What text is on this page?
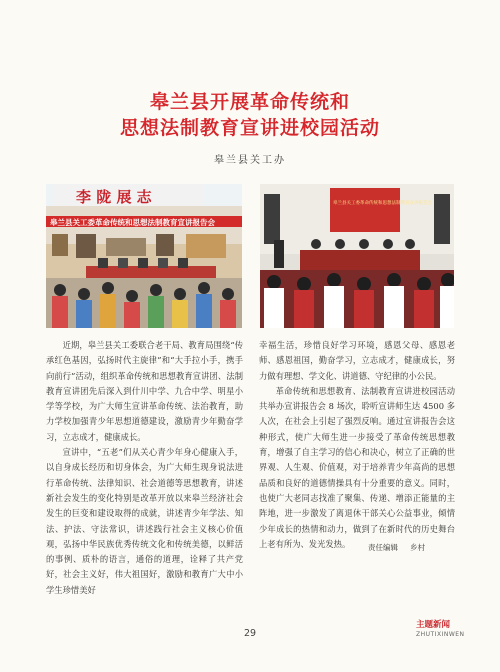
皋兰县开展革命传统和
思想法制教育宣讲进校园活动
皋兰县关工办
李 陇 展 志
皋兰县关工委革命传统和思想法制教育宣讲报告会
皋兰县关工委革命传统和思想法制教育宣讲报告会

近期，皋兰县关工委联合老干局、教育局围绕“传承红色基因，弘扬时代主旋律”和“大手拉小手，携手向前行”活动，组织革命传统和思想教育宣讲团、法制教育宣讲团先后深入到什川中学、九合中学、明星小学等学校，为广大师生宣讲革命传统、法治教育，助力学校加强青少年思想道德建设，激励青少年勤奋学习，立志成才，健康成长。

宣讲中，“五老”们从关心青少年身心健康入手，以自身成长经历和切身体会，为广大师生现身说法进行革命传统、法律知识、社会道德等思想教育，讲述新社会发生的变化特别是改革开放以来皋兰经济社会发生的巨变和建设取得的成就，讲述青少年学法、知法、护法、守法常识，讲述践行社会主义核心价值观，弘扬中华民族优秀传统文化和传统美德，以鲜活的事例、质朴的语言，通俗的道理，诠释了共产党好，社会主义好，伟大祖国好，激励和教育广大中小学生珍惜美好

幸福生活，珍惜良好学习环境，感恩父母、感恩老师、感恩祖国，勤奋学习，立志成才，健康成长，努力做有理想、学文化、讲道德、守纪律的小公民。

革命传统和思想教育、法制教育宣讲进校园活动共举办宣讲报告会 8 场次，聆听宣讲师生达 4500 多人次，在社会上引起了强烈反响。通过宣讲报告会这种形式，使广大师生进一步接受了革命传统思想教育，增强了自主学习的信心和决心，树立了正确的世界观、人生观、价值观，对于培养青少年高尚的思想品质和良好的道德情操具有十分重要的意义。同时，也使广大老同志找准了聚集、传递、增添正能量的主阵地，进一步激发了离退休干部关心公益事业，倾情少年成长的热情和动力，做到了在新时代的历史舞台上老有所为、发光发热。	责任编辑 乡村
29
主题新闻
ZHUTIXINWEN
